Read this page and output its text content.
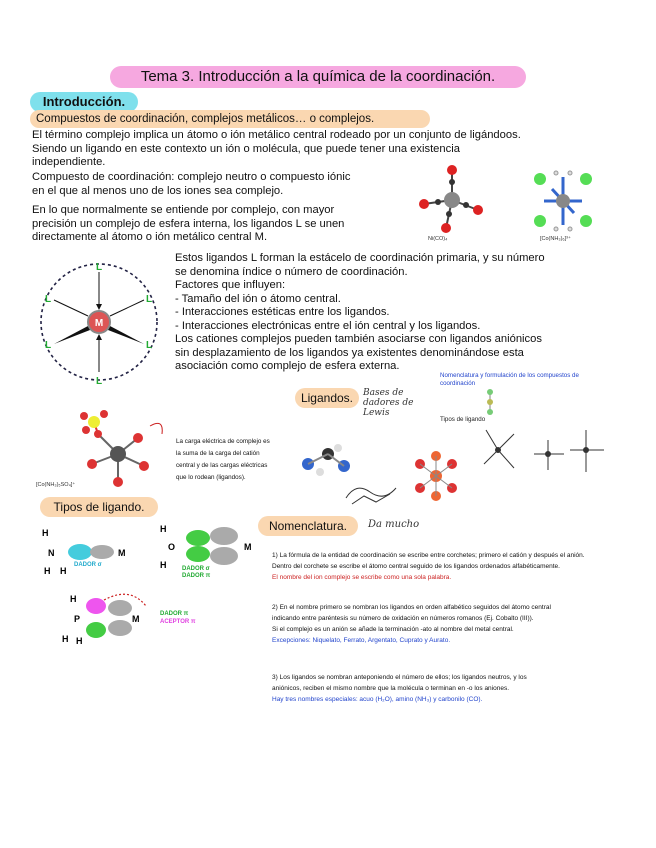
Tema 3. Introducción a la química de la coordinación.
Introducción.
Compuestos de coordinación, complejos metálicos… o complejos.

El término complejo implica un átomo o ión metálico central rodeado por un conjunto de ligándoos.

Siendo un ligando en este contexto un ión o molécula, que puede tener una existencia

independiente.

Compuesto de coordinación: complejo neutro o compuesto iónic

en el que al menos uno de los iones sea complejo.

En lo que normalmente se entiende por complejo, con mayor

precisión un complejo de esfera interna, los ligandos L se unen

directamente al átomo o ión metálico central M.	Ni(CO)₄	[Co(NH₃)₆]³⁺
M
L
L	L
L	L
L

Estos ligandos L forman la estácelo de coordinación primaria, y su número

se denomina índice o número de coordinación.

Factores que influyen:

- Tamaño del ión o átomo central.

- Interacciones estéticas entre los ligandos.

- Interacciones electrónicas entre el ión central y los ligandos.

Los cationes complejos pueden también asociarse con ligandos aniónicos

sin desplazamiento de los ligandos ya existentes denominándose esta

asociación como complejo de esfera externa.

Ligandos.	Bases de dadores de Lewis
Nomenclatura y formulación de los compuestos de coordinación
Tipos de ligando
[Co(NH₃)₅SO₄]⁺

La carga eléctrica de complejo es

la suma de la carga del catión

central y de las cargas eléctricas

que lo rodean (ligandos).

Tipos de ligando.
H
N
H H
M
DADOR σ
H
O
H
M

DADOR σ

DADOR π

H
P
H H
M	DADOR π

ACEPTOR π

Nomenclatura.	Da mucho

1) La fórmula de la entidad de coordinación se escribe entre corchetes; primero el catión y después el anión.

Dentro del corchete se escribe el átomo central seguido de los ligandos ordenados alfabéticamente.

El nombre del ion complejo se escribe como una sola palabra.

2) En el nombre primero se nombran los ligandos en orden alfabético seguidos del átomo central

indicando entre paréntesis su número de oxidación en números romanos (Ej. Cobalto (III)).

Si el complejo es un anión se añade la terminación -ato al nombre del metal central.

Excepciones: Niquelato, Ferrato, Argentato, Cuprato y Aurato.

3) Los ligandos se nombran anteponiendo el número de ellos; los ligandos neutros, y los

aniónicos, reciben el mismo nombre que la molécula o terminan en -o los aniones.

Hay tres nombres especiales: acuo (H₂O), amino (NH₃) y carbonilo (CO).
